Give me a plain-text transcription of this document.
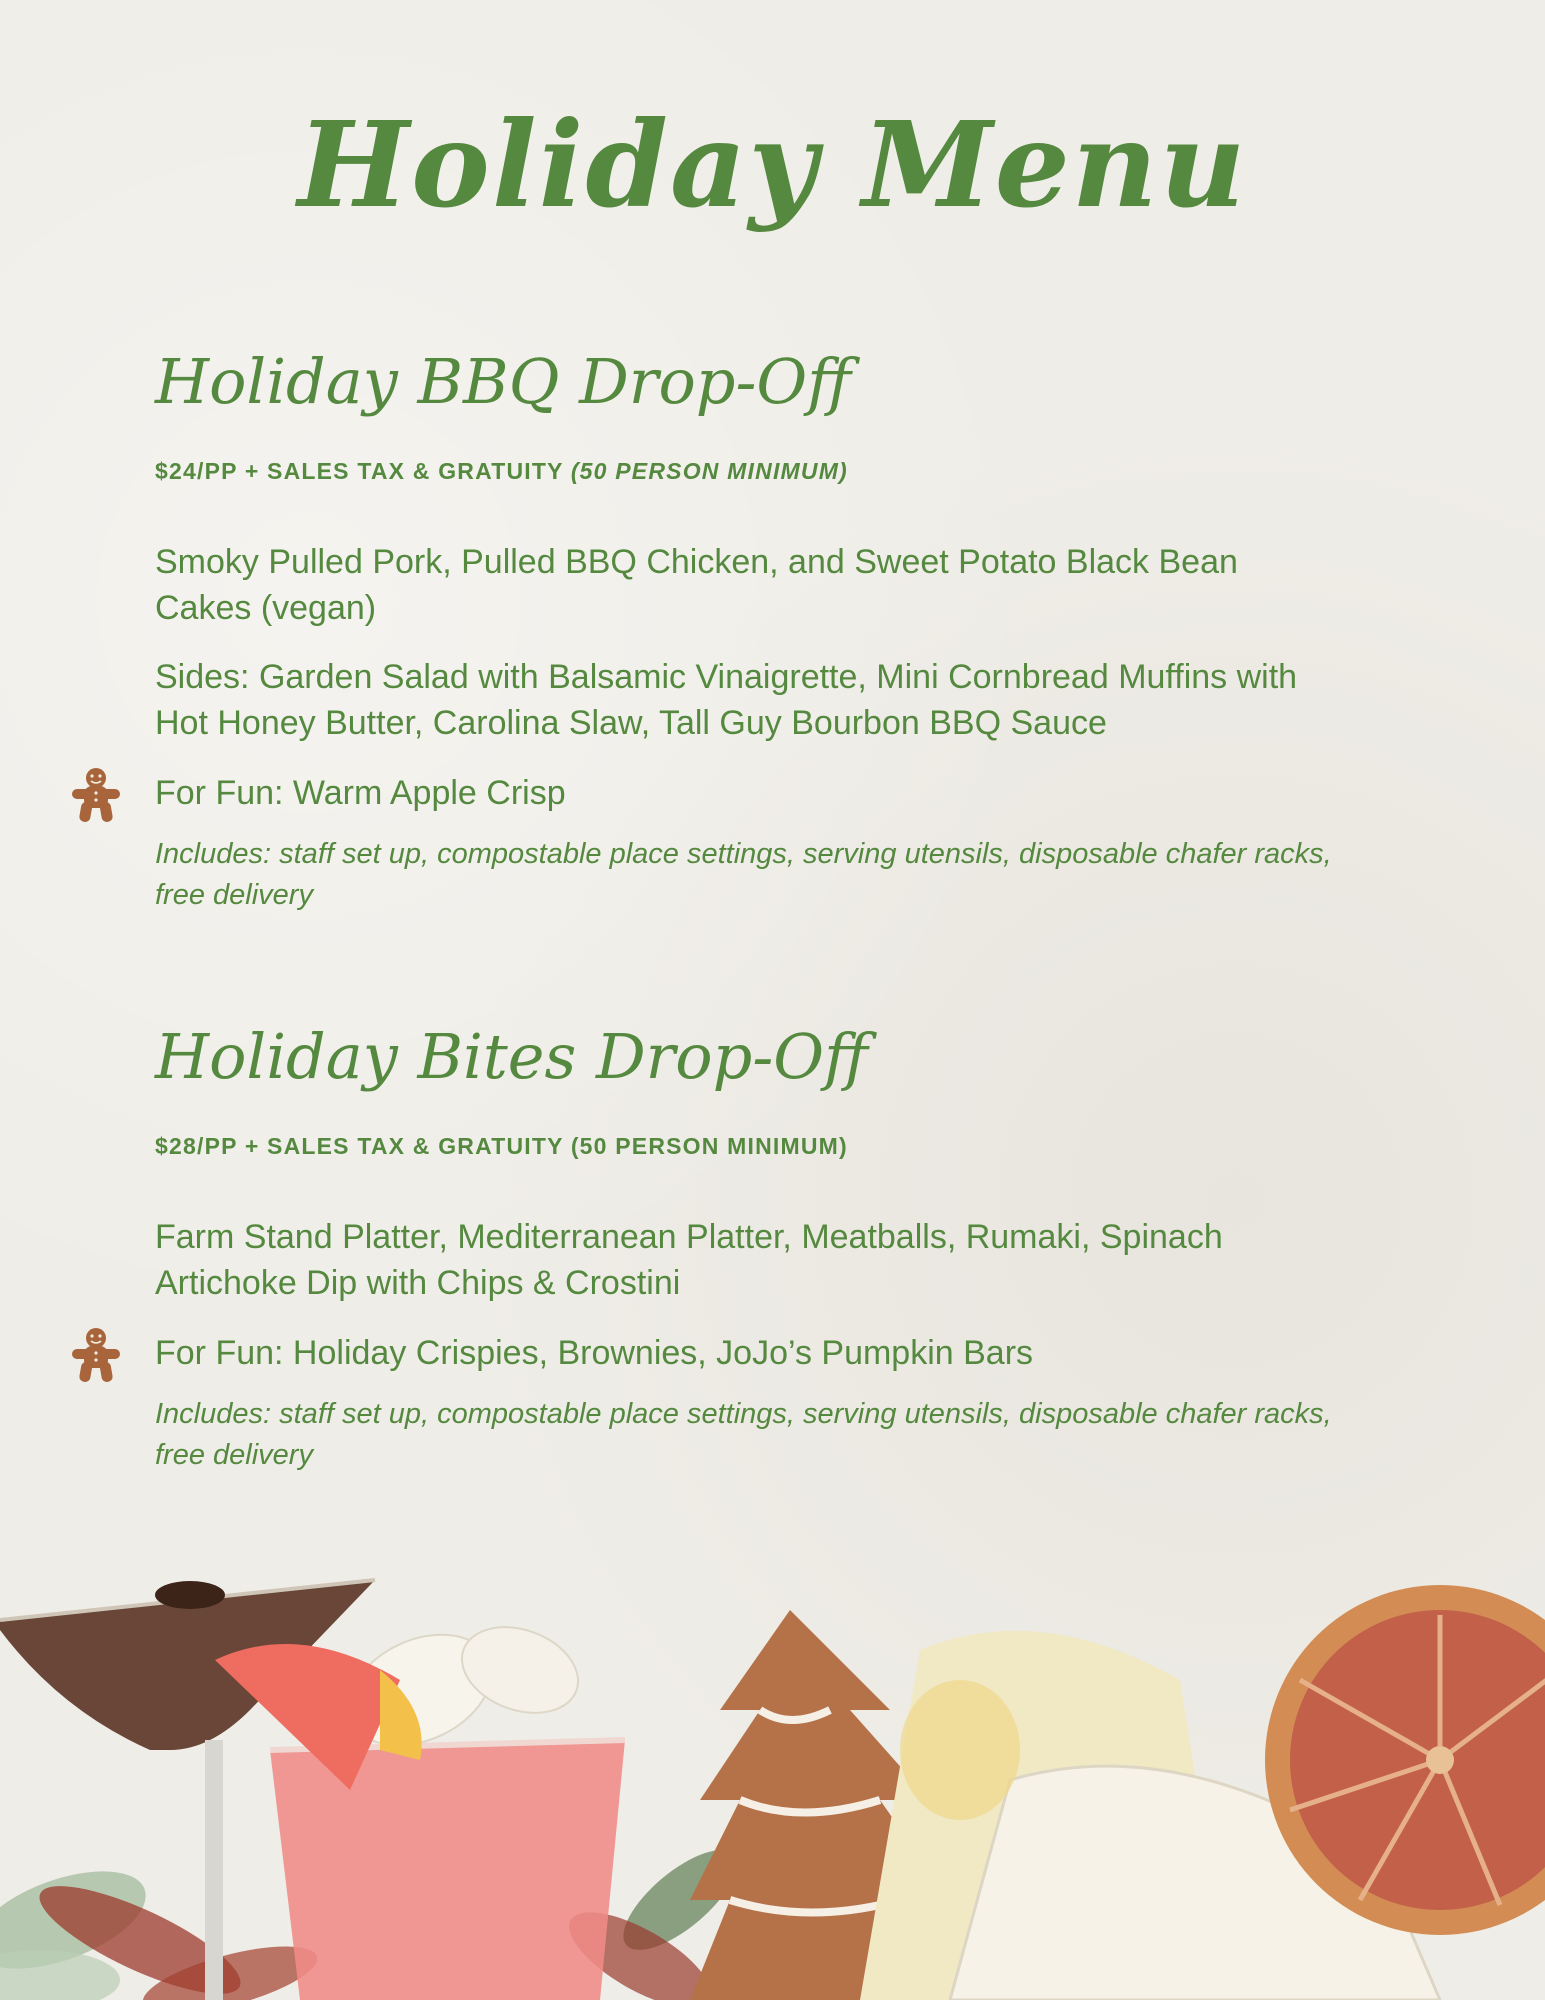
Holiday Menu
Holiday BBQ Drop-Off

$24/PP + SALES TAX & GRATUITY (50 PERSON MINIMUM)

Smoky Pulled Pork, Pulled BBQ Chicken, and Sweet Potato Black Bean Cakes (vegan)

Sides: Garden Salad with Balsamic Vinaigrette, Mini Cornbread Muffins with Hot Honey Butter, Carolina Slaw, Tall Guy Bourbon BBQ Sauce

For Fun: Warm Apple Crisp

Includes: staff set up, compostable place settings, serving utensils, disposable chafer racks, free delivery

Holiday Bites Drop-Off

$28/PP + SALES TAX & GRATUITY (50 PERSON MINIMUM)

Farm Stand Platter, Mediterranean Platter, Meatballs, Rumaki, Spinach Artichoke Dip with Chips & Crostini

For Fun: Holiday Crispies, Brownies, JoJo’s Pumpkin Bars

Includes: staff set up, compostable place settings, serving utensils, disposable chafer racks, free delivery
